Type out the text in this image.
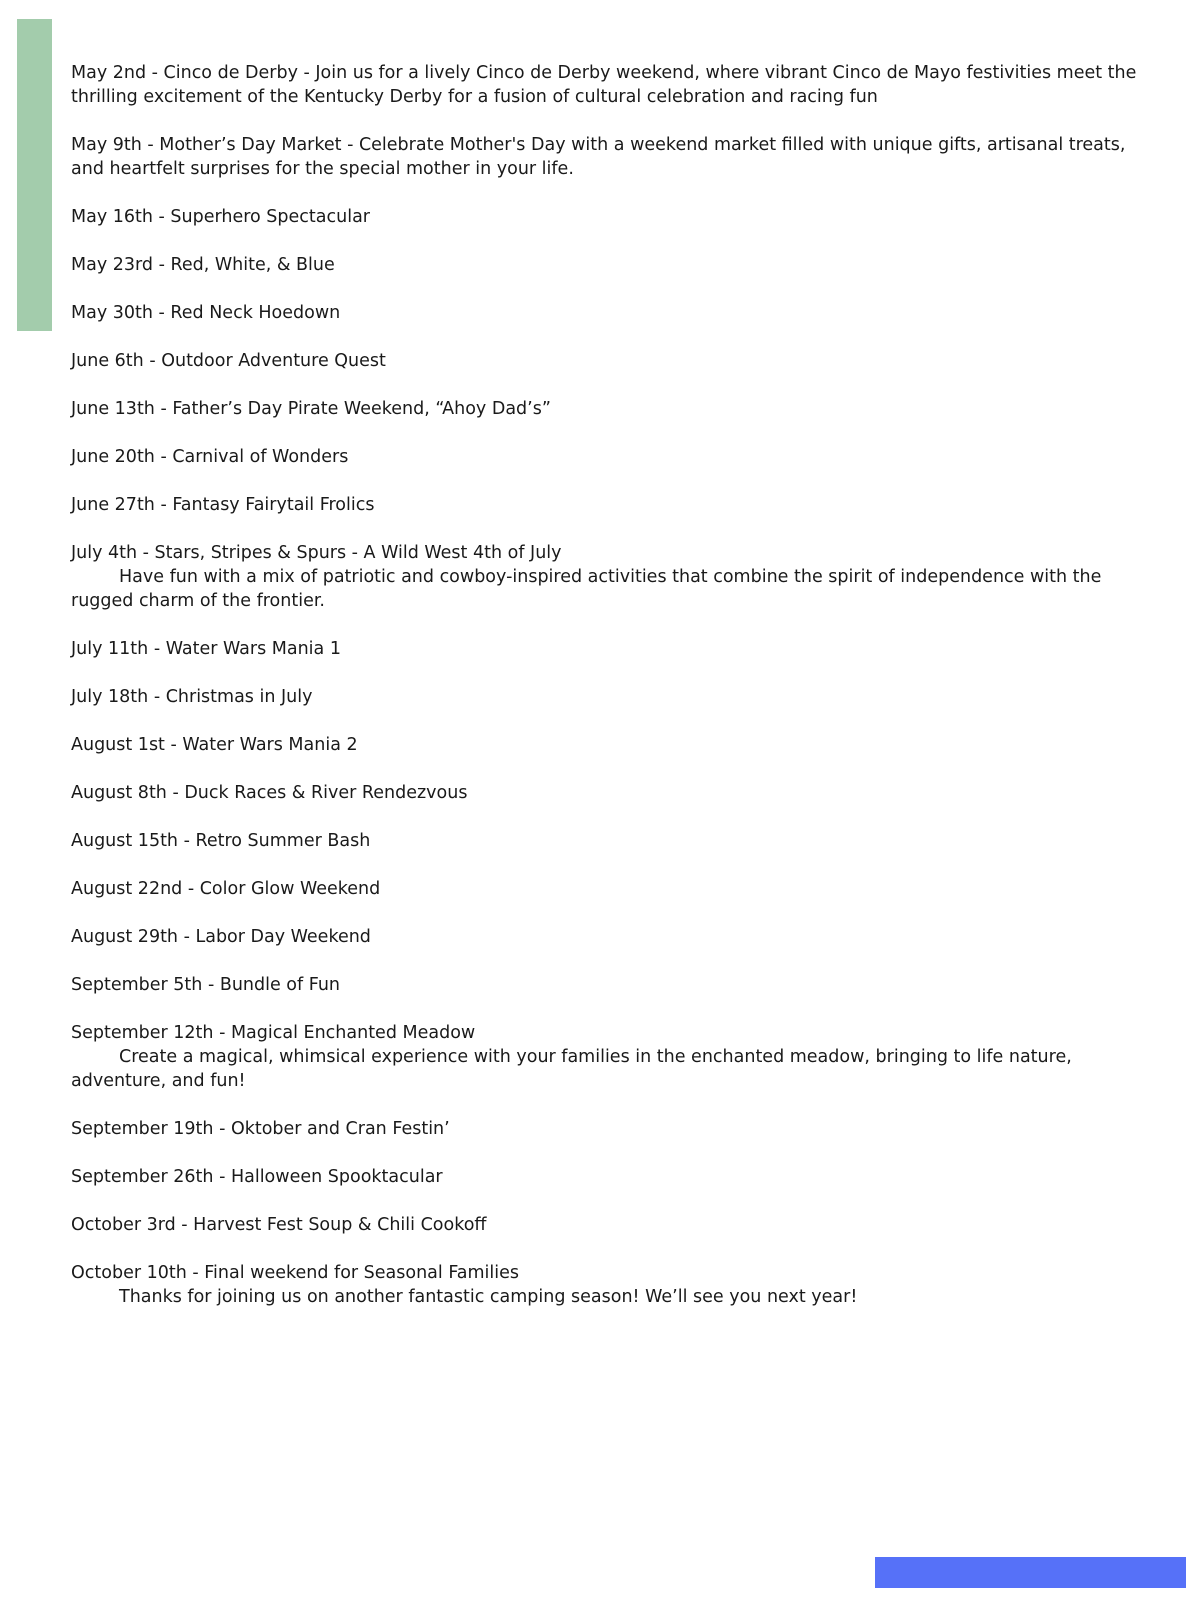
May 2nd - Cinco de Derby - Join us for a lively Cinco de Derby weekend, where vibrant Cinco de Mayo festivities meet the thrilling excitement of the Kentucky Derby for a fusion of cultural celebration and racing fun
May 9th - Mother’s Day Market - Celebrate Mother's Day with a weekend market filled with unique gifts, artisanal treats, and heartfelt surprises for the special mother in your life.
May 16th - Superhero Spectacular
May 23rd - Red, White, & Blue
May 30th - Red Neck Hoedown
June 6th - Outdoor Adventure Quest
June 13th - Father’s Day Pirate Weekend, “Ahoy Dad’s”
June 20th - Carnival of Wonders
June 27th - Fantasy Fairytail Frolics
July 4th - Stars, Stripes & Spurs - A Wild West 4th of July
Have fun with a mix of patriotic and cowboy-inspired activities that combine the spirit of independence with the rugged charm of the frontier.
July 11th - Water Wars Mania 1
July 18th - Christmas in July
August 1st - Water Wars Mania 2
August 8th - Duck Races & River Rendezvous
August 15th - Retro Summer Bash
August 22nd - Color Glow Weekend
August 29th - Labor Day Weekend
September 5th - Bundle of Fun
September 12th - Magical Enchanted Meadow
Create a magical, whimsical experience with your families in the enchanted meadow, bringing to life nature, adventure, and fun!
September 19th - Oktober and Cran Festin’
September 26th - Halloween Spooktacular
October 3rd - Harvest Fest Soup & Chili Cookoff
October 10th - Final weekend for Seasonal Families
Thanks for joining us on another fantastic camping season! We’ll see you next year!
